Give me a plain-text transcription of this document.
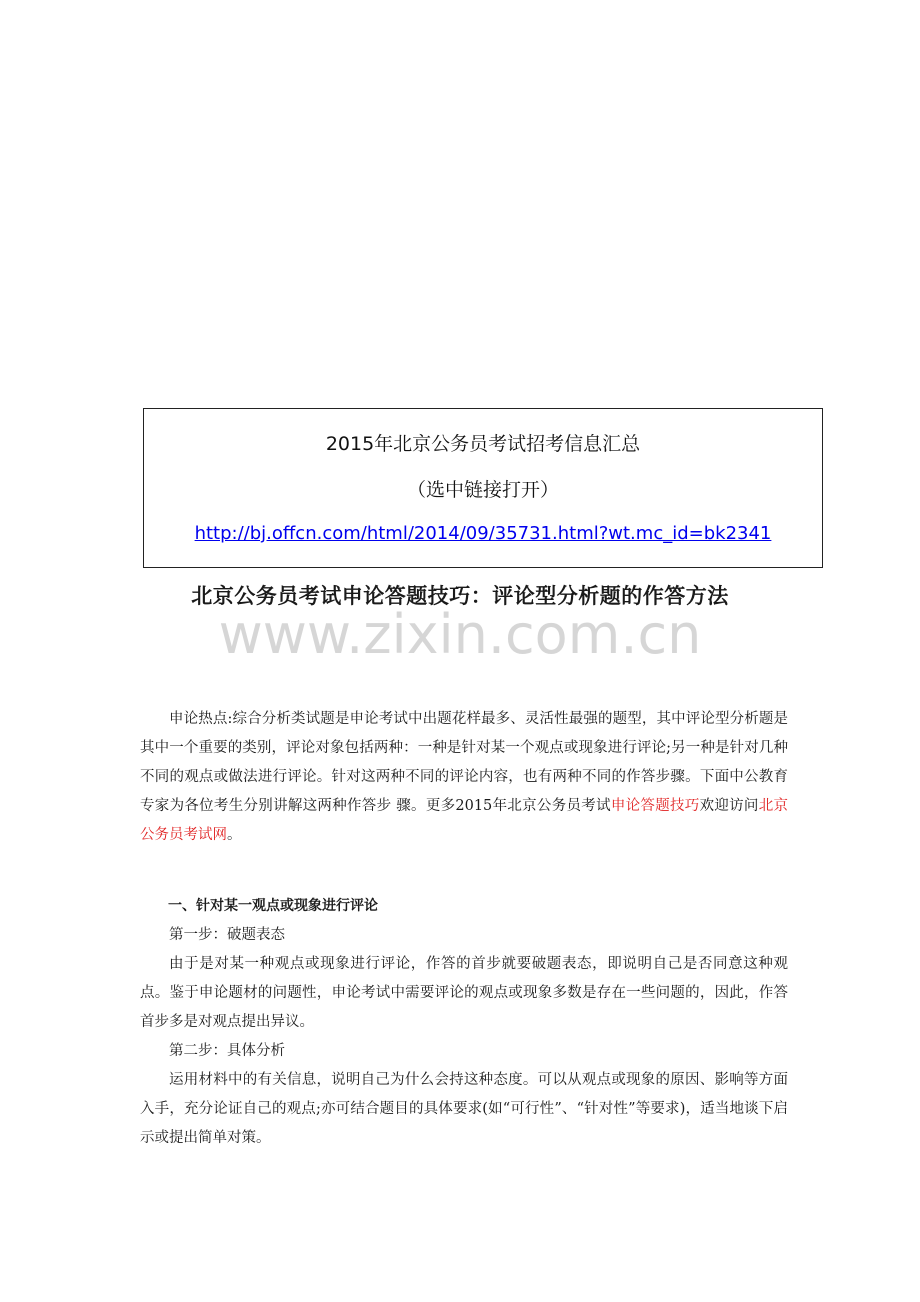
2015年北京公务员考试招考信息汇总
（选中链接打开）
http://bj.offcn.com/html/2014/09/35731.html?wt.mc_id=bk2341
北京公务员考试申论答题技巧：评论型分析题的作答方法
www.zixin.com.cn

申论热点:综合分析类试题是申论考试中出题花样最多、灵活性最强的题型，其中评论型分析题是其中一个重要的类别，评论对象包括两种：一种是针对某一个观点或现象进行评论;另一种是针对几种不同的观点或做法进行评论。针对这两种不同的评论内容，也有两种不同的作答步骤。下面中公教育专家为各位考生分别讲解这两种作答步 骤。更多2015年北京公务员考试申论答题技巧欢迎访问北京公务员考试网。

一、针对某一观点或现象进行评论
第一步：破题表态

由于是对某一种观点或现象进行评论，作答的首步就要破题表态，即说明自己是否同意这种观点。鉴于申论题材的问题性，申论考试中需要评论的观点或现象多数是存在一些问题的，因此，作答首步多是对观点提出异议。

第二步：具体分析

运用材料中的有关信息，说明自己为什么会持这种态度。可以从观点或现象的原因、影响等方面入手，充分论证自己的观点;亦可结合题目的具体要求(如“可行性”、“针对性”等要求)，适当地谈下启示或提出简单对策。
